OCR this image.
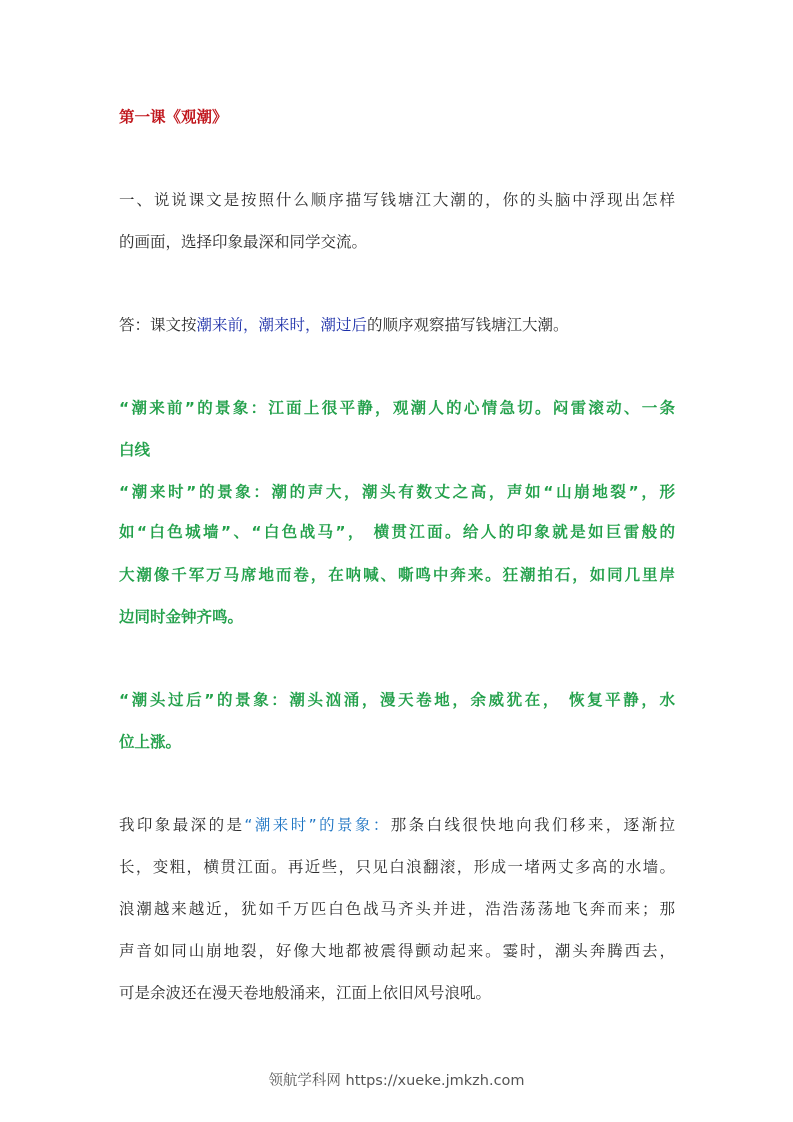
第一课《观潮》
一、说说课文是按照什么顺序描写钱塘江大潮的，你的头脑中浮现出怎样
的画面，选择印象最深和同学交流。
答：课文按潮来前，潮来时，潮过后的顺序观察描写钱塘江大潮。
“潮来前”的景象：江面上很平静，观潮人的心情急切。闷雷滚动、一条
白线
“潮来时”的景象：潮的声大，潮头有数丈之高，声如“山崩地裂”，形
如“白色城墙”、“白色战马”， 横贯江面。给人的印象就是如巨雷般的
大潮像千军万马席地而卷，在呐喊、嘶鸣中奔来。狂潮拍石，如同几里岸
边同时金钟齐鸣。
“潮头过后”的景象：潮头汹涌，漫天卷地，余威犹在， 恢复平静，水
位上涨。
我印象最深的是“潮来时”的景象：那条白线很快地向我们移来，逐渐拉
长，变粗，横贯江面。再近些，只见白浪翻滚，形成一堵两丈多高的水墙。
浪潮越来越近，犹如千万匹白色战马齐头并进，浩浩荡荡地飞奔而来；那
声音如同山崩地裂，好像大地都被震得颤动起来。霎时，潮头奔腾西去，
可是余波还在漫天卷地般涌来，江面上依旧风号浪吼。
领航学科网 https://xueke.jmkzh.com
